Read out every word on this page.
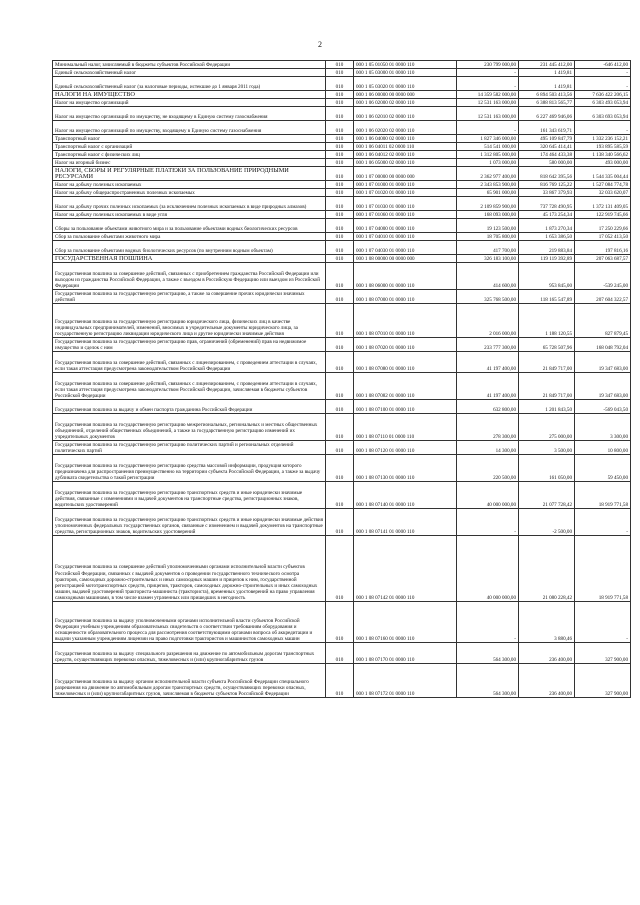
2
Минимальный налог, зачисляемый в бюджеты субъектов Российской Федерации	010	000 1 05 01050 01 0000 110	230 799 000,00	231 445 412,00	-646 412,00
Единый сельскохозяйственный налог	010	000 1 05 03000 01 0000 110	-	1 419,81	-
Единый сельскохозяйственный налог (за налоговые периоды, истекшие до 1 января 2011 года)	010	000 1 05 03020 01 0000 110	-	1 419,81	-
НАЛОГИ НА ИМУЩЕСТВО	010	000 1 06 00000 00 0000 000	14 359 582 000,00	6 894 503 413,56	7 636 422 206,15
Налог на имущество организаций	010	000 1 06 02000 02 0000 110	12 531 163 000,00	6 388 813 565,77	6 303 493 053,94
Налог на имущество организаций по имуществу, не входящему в Единую систему газоснабжения	010	000 1 06 02010 02 0000 110	12 531 163 000,00	6 227 469 946,06	6 303 693 053,94
Налог на имущество организаций по имуществу, входящему в Единую систему газоснабжения	010	000 1 06 02020 02 0000 110	-	161 343 619,71	-
Транспортный налог	010	000 1 06 04000 02 0000 110	1 827 346 000,00	495 109 847,79	1 332 236 152,21
Транспортный налог с организаций	010	000 1 06 04011 02 0000 110	514 541 000,00	320 645 414,41	193 895 585,59
Транспортный налог с физических лиц	010	000 1 06 04012 02 0000 110	1 312 805 000,00	174 464 433,38	1 138 340 566,62
Налог на игорный бизнес	010	000 1 06 05000 02 0000 110	1 073 000,00	580 000,00	493 000,00
НАЛОГИ, СБОРЫ И РЕГУЛЯРНЫЕ ПЛАТЕЖИ ЗА ПОЛЬЗОВАНИЕ ПРИРОДНЫМИ РЕСУРСАМИ	010	000 1 07 00000 00 0000 000	2 362 977 400,00	818 642 395,56	1 544 335 004,44
Налог на добычу полезных ископаемых	010	000 1 07 01000 01 0000 110	2 343 853 900,00	816 769 125,22	1 527 084 774,78
Налог на добычу общераспространенных полезных ископаемых	010	000 1 07 01020 01 0000 110	65 901 000,00	33 867 379,93	32 033 620,07
Налог на добычу прочих полезных ископаемых (за исключением полезных ископаемых в виде природных алмазов)	010	000 1 07 01030 01 0000 110	2 109 859 900,00	737 728 490,95	1 372 131 409,05
Налог на добычу полезных ископаемых в виде угля	010	000 1 07 01060 01 0000 110	168 093 000,00	45 173 254,34	122 919 745,66
Сборы за пользование объектами животного мира и за пользование объектами водных биологических ресурсов	010	000 1 07 04000 01 0000 110	19 123 500,00	1 873 270,34	17 250 229,66
Сбор за пользование объектами животного мира	010	000 1 07 04010 01 0000 110	18 705 800,00	1 653 386,50	17 052 413,50
Сбор за пользование объектами водных биологических ресурсов (по внутренним водным объектам)	010	000 1 07 04030 01 0000 110	417 700,00	219 883,84	197 816,16
ГОСУДАРСТВЕННАЯ ПОШЛИНА	010	000 1 08 00000 00 0000 000	326 183 100,00	119 119 392,89	207 063 687,57
Государственная пошлина за совершение действий, связанных с приобретением гражданства Российской Федерации или выходом из гражданства Российской Федерации, а также с въездом в Российскую Федерацию или выездом из Российской Федерации	010	000 1 08 06000 01 0000 110	414 600,00	953 845,00	-539 245,00
Государственная пошлина за государственную регистрацию, а также за совершение прочих юридически значимых действий	010	000 1 08 07000 01 0000 110	325 768 500,00	118 165 547,89	207 604 322,57
Государственная пошлина за государственную регистрацию юридического лица, физических лиц в качестве индивидуальных предпринимателей, изменений, вносимых в учредительные документы юридического лица, за государственную регистрацию ликвидации юридического лица и другие юридически значимые действия	010	000 1 08 07010 01 0000 110	2 016 000,00	1 188 120,55	827 879,45
Государственная пошлина за государственную регистрацию прав, ограничений (обременений) прав на недвижимое имущество и сделок с ним	010	000 1 08 07020 01 0000 110	233 777 300,00	65 728 507,96	168 048 792,04
Государственная пошлина за совершение действий, связанных с лицензированием, с проведением аттестации в случаях, если такая аттестация предусмотрена законодательством Российской Федерации	010	000 1 08 07080 01 0000 110	41 197 400,00	21 849 717,00	19 347 683,00
Государственная пошлина за совершение действий, связанных с лицензированием, с проведением аттестации в случаях, если такая аттестация предусмотрена законодательством Российской Федерации, зачисляемая в бюджеты субъектов Российской Федерации	010	000 1 08 07082 01 0000 110	41 197 400,00	21 849 717,00	19 347 683,00
Государственная пошлина за выдачу и обмен паспорта гражданина Российской Федерации	010	000 1 08 07100 01 0000 110	632 800,00	1 201 843,50	-569 043,50
Государственная пошлина за государственную регистрацию межрегиональных, региональных и местных общественных объединений, отделений общественных объединений, а также за государственную регистрацию изменений их учредительных документов	010	000 1 08 07110 01 0000 110	278 300,00	275 000,00	3 300,00
Государственная пошлина за государственную регистрацию политических партий и региональных отделений политических партий	010	000 1 08 07120 01 0000 110	14 300,00	3 500,00	10 800,00
Государственная пошлина за государственную регистрацию средства массовой информации, продукция которого предназначена для распространения преимущественно на территории субъекта Российской Федерации, а также за выдачу дубликата свидетельства о такой регистрации	010	000 1 08 07130 01 0000 110	220 500,00	161 050,00	59 450,00
Государственная пошлина за государственную регистрацию транспортных средств и иные юридически значимые действия, связанные с изменениями и выдачей документов на транспортные средства, регистрационных знаков, водительских удостоверений	010	000 1 08 07140 01 0000 110	40 000 000,00	21 077 728,42	18 919 771,58
Государственная пошлина за государственную регистрацию транспортных средств и иные юридически значимые действия уполномоченных федеральных государственных органов, связанные с изменением и выдачей документов на транспортные средства, регистрационных знаков, водительских удостоверений	010	000 1 08 07141 01 0000 110	-	-2 500,00	-
Государственная пошлина за совершение действий уполномоченными органами исполнительной власти субъектов Российской Федерации, связанных с выдачей документов о проведении государственного технического осмотра тракторов, самоходных дорожно-строительных и иных самоходных машин и прицепов к ним, государственной регистрацией мототранспортных средств, прицепов, тракторов, самоходных дорожно-строительных и иных самоходных машин, выдачей удостоверений тракториста-машиниста (тракториста), временных удостоверений на право управления самоходными машинами, в том числе взамен утраченных или пришедших в негодность	010	000 1 08 07142 01 0000 110	40 000 000,00	21 080 228,42	18 919 771,58
Государственная пошлина за выдачу уполномоченными органами исполнительной власти субъектов Российской Федерации учебным учреждениям образовательных свидетельств о соответствии требованиям оборудования и оснащенности образовательного процесса для рассмотрения соответствующими органами вопроса об аккредитации и выдачи указанным учреждениям лицензии на право подготовки трактористов и машинистов самоходных машин	010	000 1 08 07160 01 0000 110	-	3 880,46	-
Государственная пошлина за выдачу специального разрешения на движение по автомобильным дорогам транспортных средств, осуществляющих перевозки опасных, тяжеловесных и (или) крупногабаритных грузов	010	000 1 08 07170 01 0000 110	564 300,00	236 400,00	327 900,00
Государственная пошлина за выдачу органом исполнительной власти субъекта Российской Федерации специального разрешения на движение по автомобильным дорогам транспортных средств, осуществляющих перевозки опасных, тяжеловесных и (или) крупногабаритных грузов, зачисляемая в бюджеты субъектов Российской Федерации	010	000 1 08 07172 01 0000 110	564 300,00	236 400,00	327 900,00
